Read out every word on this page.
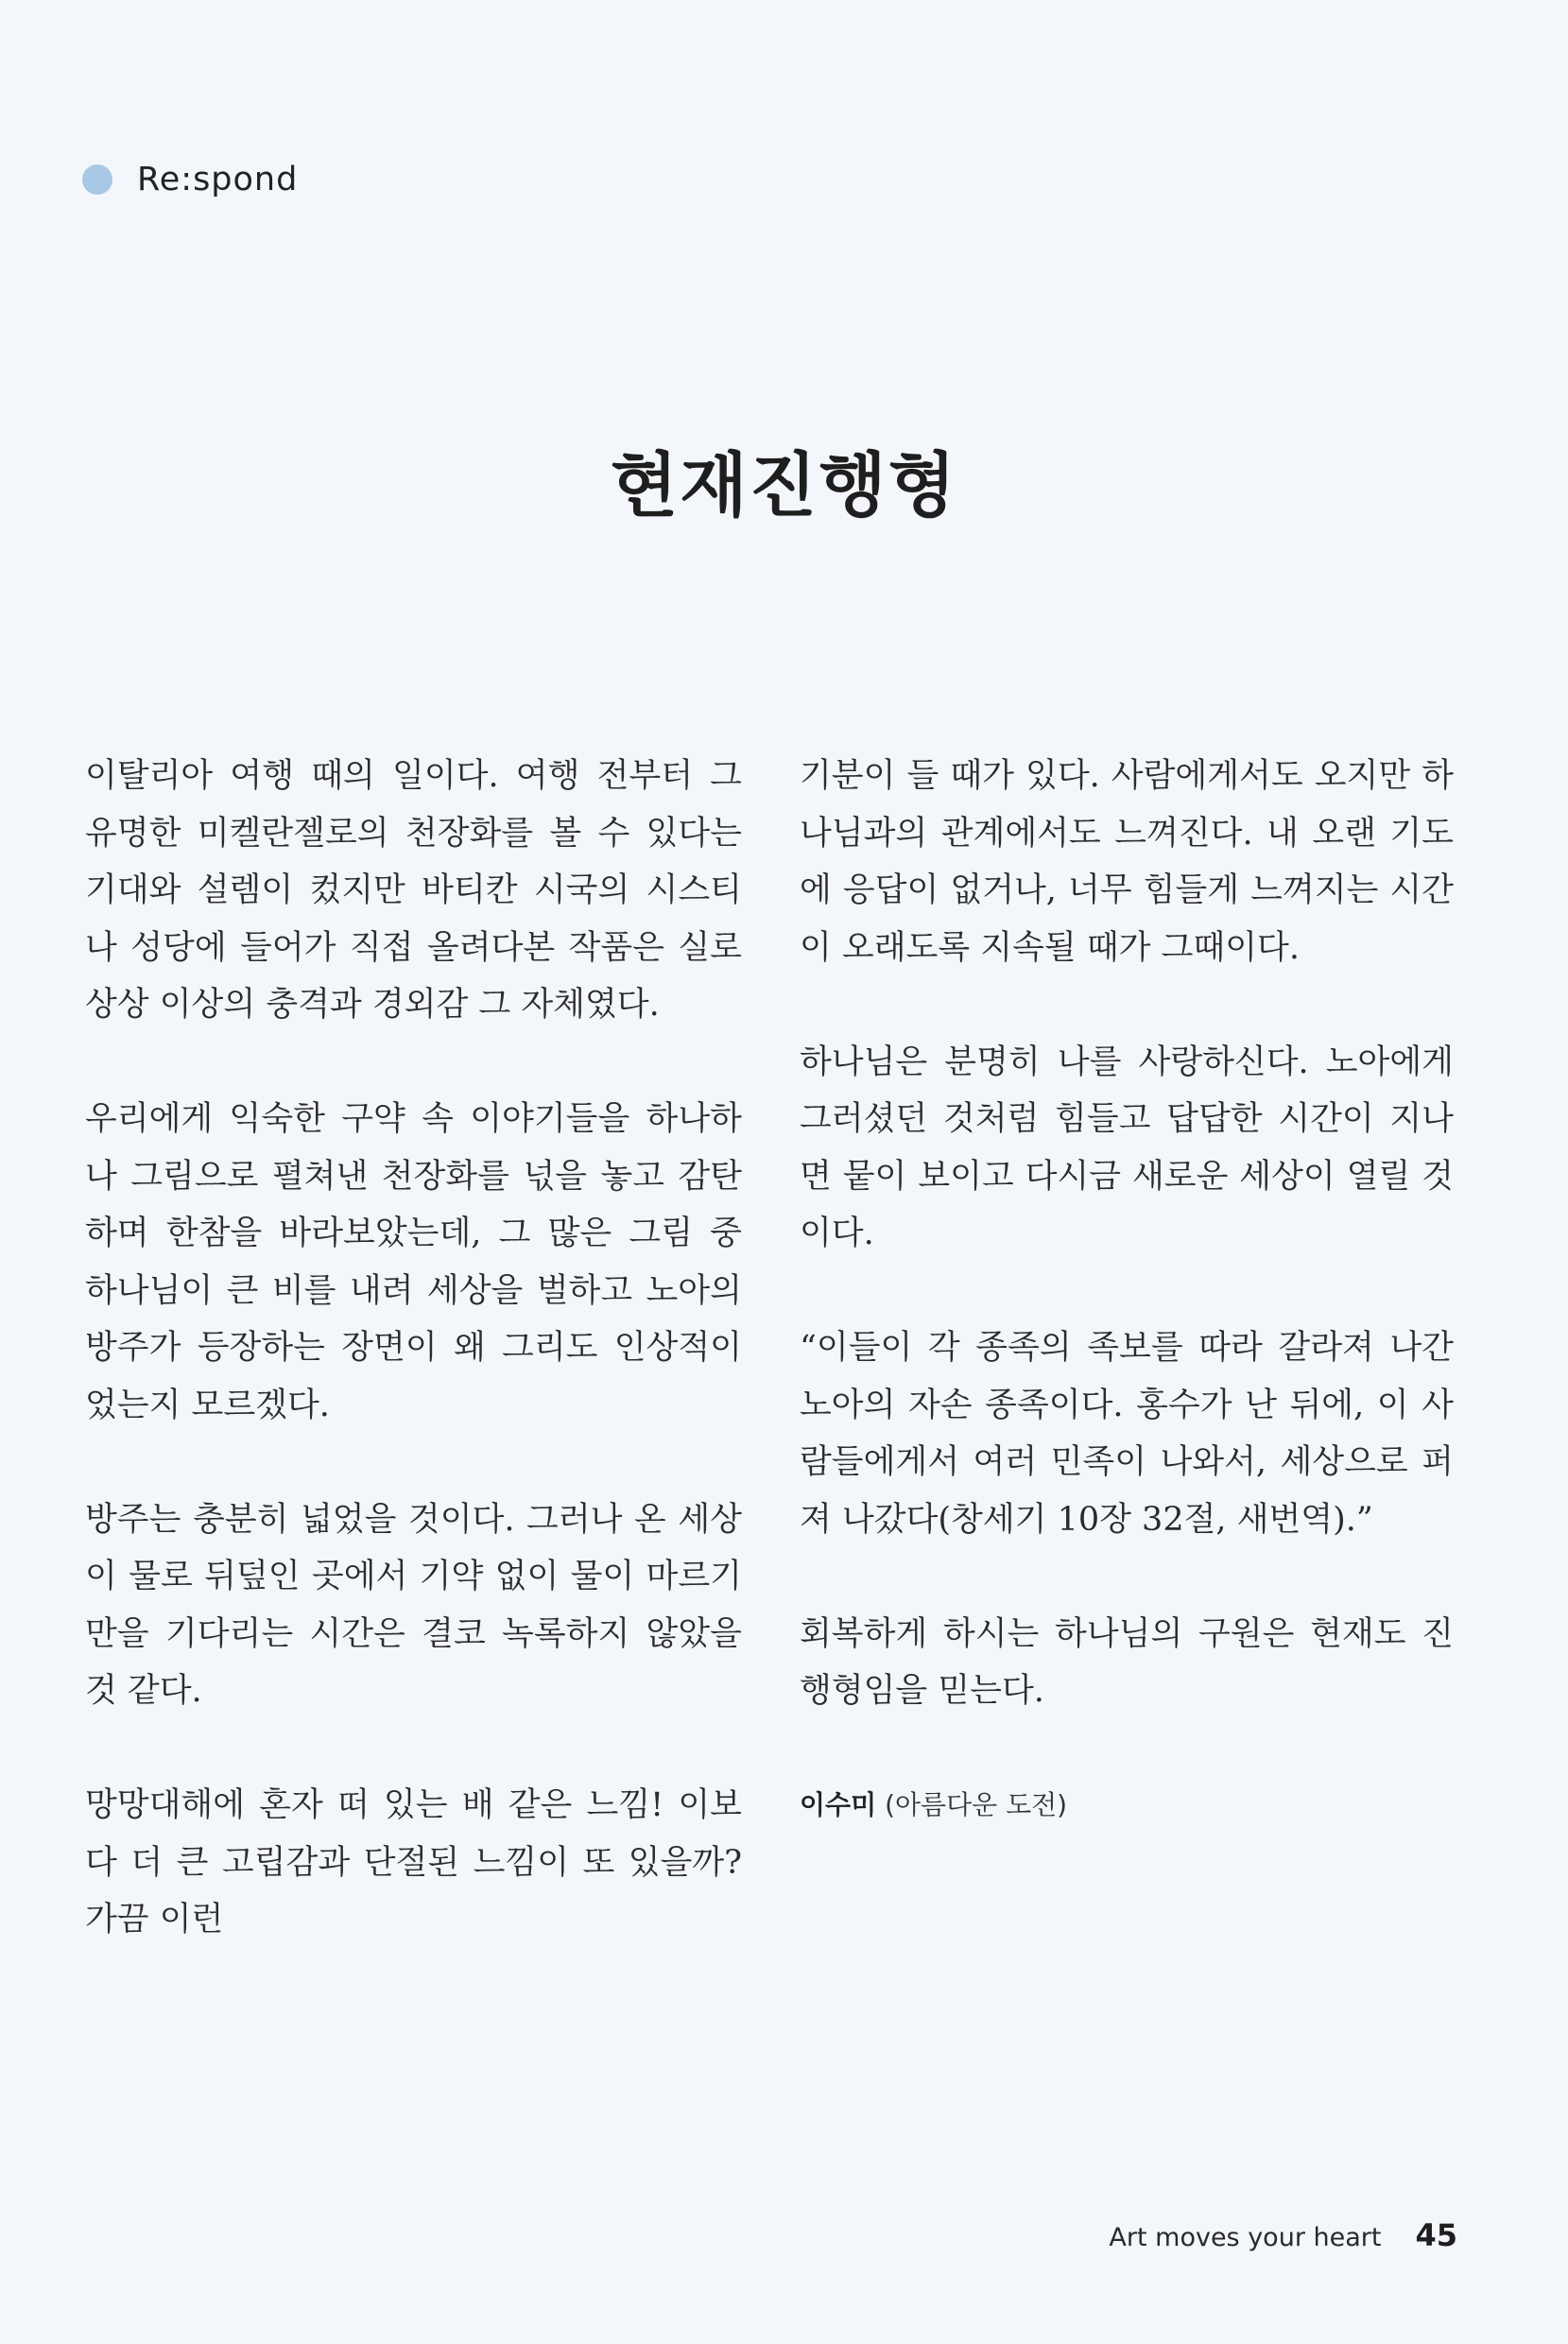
Re:spond
현재진행형

이탈리아 여행 때의 일이다. 여행 전부터 그 유명한 미켈란젤로의 천장화를 볼 수 있다는 기대와 설렘이 컸지만 바티칸 시국의 시스티나 성당에 들어가 직접 올려다본 작품은 실로 상상 이상의 충격과 경외감 그 자체였다.

우리에게 익숙한 구약 속 이야기들을 하나하나 그림으로 펼쳐낸 천장화를 넋을 놓고 감탄하며 한참을 바라보았는데, 그 많은 그림 중 하나님이 큰 비를 내려 세상을 벌하고 노아의 방주가 등장하는 장면이 왜 그리도 인상적이었는지 모르겠다.

방주는 충분히 넓었을 것이다. 그러나 온 세상이 물로 뒤덮인 곳에서 기약 없이 물이 마르기만을 기다리는 시간은 결코 녹록하지 않았을 것 같다.

망망대해에 혼자 떠 있는 배 같은 느낌! 이보다 더 큰 고립감과 단절된 느낌이 또 있을까? 가끔 이런

기분이 들 때가 있다. 사람에게서도 오지만 하나님과의 관계에서도 느껴진다. 내 오랜 기도에 응답이 없거나, 너무 힘들게 느껴지는 시간이 오래도록 지속될 때가 그때이다.

하나님은 분명히 나를 사랑하신다. 노아에게 그러셨던 것처럼 힘들고 답답한 시간이 지나면 뭍이 보이고 다시금 새로운 세상이 열릴 것이다.

“이들이 각 종족의 족보를 따라 갈라져 나간 노아의 자손 종족이다. 홍수가 난 뒤에, 이 사람들에게서 여러 민족이 나와서, 세상으로 퍼져 나갔다(창세기 10장 32절, 새번역).”

회복하게 하시는 하나님의 구원은 현재도 진행형임을 믿는다.

이수미 (아름다운 도전)
Art moves your heart 45
